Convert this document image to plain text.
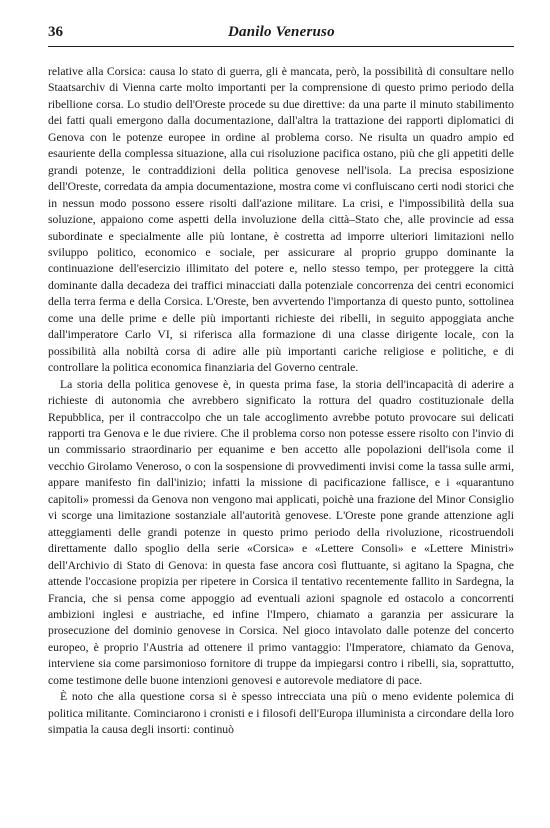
36	Danilo Veneruso

relative alla Corsica: causa lo stato di guerra, gli è mancata, però, la possibilità di consultare nello Staatsarchiv di Vienna carte molto importanti per la comprensione di questo primo periodo della ribellione corsa. Lo studio dell'Oreste procede su due direttive: da una parte il minuto stabilimento dei fatti quali emergono dalla documentazione, dall'altra la trattazione dei rapporti diplomatici di Genova con le potenze europee in ordine al problema corso. Ne risulta un quadro ampio ed esauriente della complessa situazione, alla cui risoluzione pacifica ostano, più che gli appetiti delle grandi potenze, le contraddizioni della politica genovese nell'isola. La precisa esposizione dell'Oreste, corredata da ampia documentazione, mostra come vi confluiscano certi nodi storici che in nessun modo possono essere risolti dall'azione militare. La crisi, e l'impossibilità della sua soluzione, appaiono come aspetti della involuzione della città–Stato che, alle provincie ad essa subordinate e specialmente alle più lontane, è costretta ad imporre ulteriori limitazioni nello sviluppo politico, economico e sociale, per assicurare al proprio gruppo dominante la continuazione dell'esercizio illimitato del potere e, nello stesso tempo, per proteggere la città dominante dalla decadeza dei traffici minacciati dalla potenziale concorrenza dei centri economici della terra ferma e della Corsica. L'Oreste, ben avvertendo l'importanza di questo punto, sottolinea come una delle prime e delle più importanti richieste dei ribelli, in seguito appoggiata anche dall'imperatore Carlo VI, si riferisca alla formazione di una classe dirigente locale, con la possibilità alla nobiltà corsa di adire alle più importanti cariche religiose e politiche, e di controllare la politica economica finanziaria del Governo centrale.

La storia della politica genovese è, in questa prima fase, la storia dell'incapacità di aderire a richieste di autonomia che avrebbero significato la rottura del quadro costituzionale della Repubblica, per il contraccolpo che un tale accoglimento avrebbe potuto provocare sui delicati rapporti tra Genova e le due riviere. Che il problema corso non potesse essere risolto con l'invio di un commissario straordinario per equanime e ben accetto alle popolazioni dell'isola come il vecchio Girolamo Veneroso, o con la sospensione di provvedimenti invisi come la tassa sulle armi, appare manifesto fin dall'inizio; infatti la missione di pacificazione fallisce, e i «quarantuno capitoli» promessi da Genova non vengono mai applicati, poichè una frazione del Minor Consiglio vi scorge una limitazione sostanziale all'autorità genovese. L'Oreste pone grande attenzione agli atteggiamenti delle grandi potenze in questo primo periodo della rivoluzione, ricostruendoli direttamente dallo spoglio della serie «Corsica» e «Lettere Consoli» e «Lettere Ministri» dell'Archivio di Stato di Genova: in questa fase ancora così fluttuante, si agitano la Spagna, che attende l'occasione propizia per ripetere in Corsica il tentativo recentemente fallito in Sardegna, la Francia, che si pensa come appoggio ad eventuali azioni spagnole ed ostacolo a concorrenti ambizioni inglesi e austriache, ed infine l'Impero, chiamato a garanzia per assicurare la prosecuzione del dominio genovese in Corsica. Nel gioco intavolato dalle potenze del concerto europeo, è proprio l'Austria ad ottenere il primo vantaggio: l'Imperatore, chiamato da Genova, interviene sia come parsimonioso fornitore di truppe da impiegarsi contro i ribelli, sia, soprattutto, come testimone delle buone intenzioni genovesi e autorevole mediatore di pace.

È noto che alla questione corsa si è spesso intrecciata una più o meno evidente polemica di politica militante. Cominciarono i cronisti e i filosofi dell'Europa illuminista a circondare della loro simpatia la causa degli insorti: continuò
